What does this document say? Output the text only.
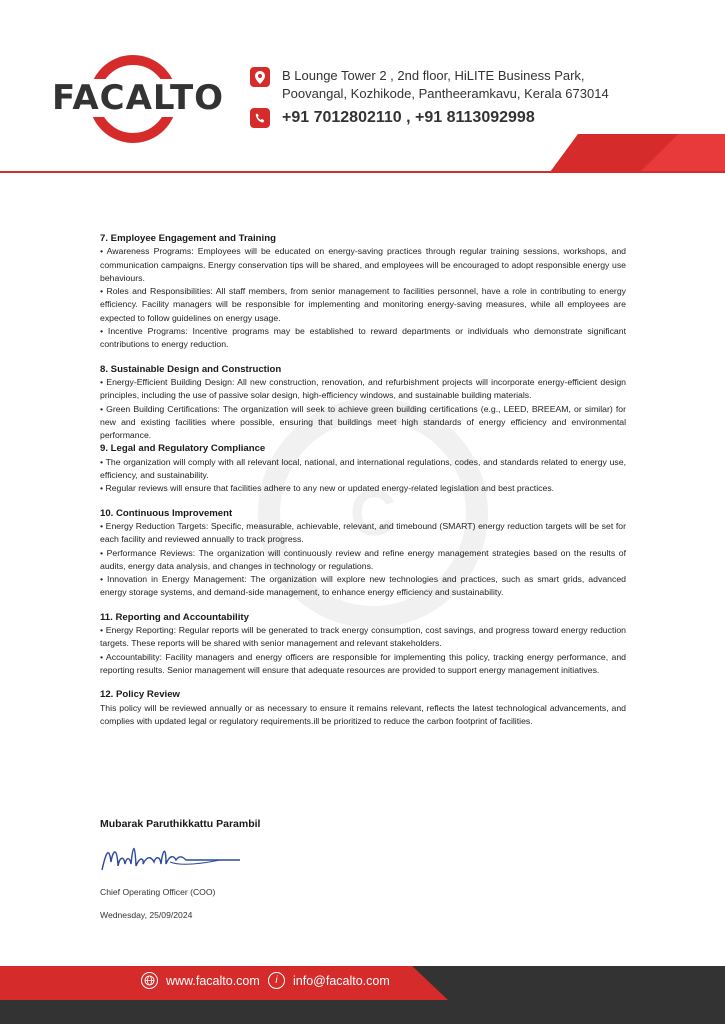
FACALTO
B Lounge Tower 2 , 2nd floor, HiLITE Business Park, Poovangal, Kozhikode, Pantheeramkavu, Kerala 673014
+91 7012802110 , +91 8113092998
C
7. Employee Engagement and Training
• Awareness Programs: Employees will be educated on energy-saving practices through regular training sessions, workshops, and communication campaigns. Energy conservation tips will be shared, and employees will be encouraged to adopt responsible energy use behaviours.
• Roles and Responsibilities: All staff members, from senior management to facilities personnel, have a role in contributing to energy efficiency. Facility managers will be responsible for implementing and monitoring energy-saving measures, while all employees are expected to follow guidelines on energy usage.
• Incentive Programs: Incentive programs may be established to reward departments or individuals who demonstrate significant contributions to energy reduction.
8. Sustainable Design and Construction
• Energy-Efficient Building Design: All new construction, renovation, and refurbishment projects will incorporate energy-efficient design principles, including the use of passive solar design, high-efficiency windows, and sustainable building materials.
• Green Building Certifications: The organization will seek to achieve green building certifications (e.g., LEED, BREEAM, or similar) for new and existing facilities where possible, ensuring that buildings meet high standards of energy efficiency and environmental performance.
9. Legal and Regulatory Compliance
• The organization will comply with all relevant local, national, and international regulations, codes, and standards related to energy use, efficiency, and sustainability.
• Regular reviews will ensure that facilities adhere to any new or updated energy-related legislation and best practices.
10. Continuous Improvement
• Energy Reduction Targets: Specific, measurable, achievable, relevant, and timebound (SMART) energy reduction targets will be set for each facility and reviewed annually to track progress.
• Performance Reviews: The organization will continuously review and refine energy management strategies based on the results of audits, energy data analysis, and changes in technology or regulations.
• Innovation in Energy Management: The organization will explore new technologies and practices, such as smart grids, advanced energy storage systems, and demand-side management, to enhance energy efficiency and sustainability.
11. Reporting and Accountability
• Energy Reporting: Regular reports will be generated to track energy consumption, cost savings, and progress toward energy reduction targets. These reports will be shared with senior management and relevant stakeholders.
• Accountability: Facility managers and energy officers are responsible for implementing this policy, tracking energy performance, and reporting results. Senior management will ensure that adequate resources are provided to support energy management initiatives.
12. Policy Review
This policy will be reviewed annually or as necessary to ensure it remains relevant, reflects the latest technological advancements, and complies with updated legal or regulatory requirements.ill be prioritized to reduce the carbon footprint of facilities.
Mubarak Paruthikkattu Parambil
Chief Operating Officer (COO)
Wednesday, 25/09/2024
www.facalto.com	i	info@facalto.com
